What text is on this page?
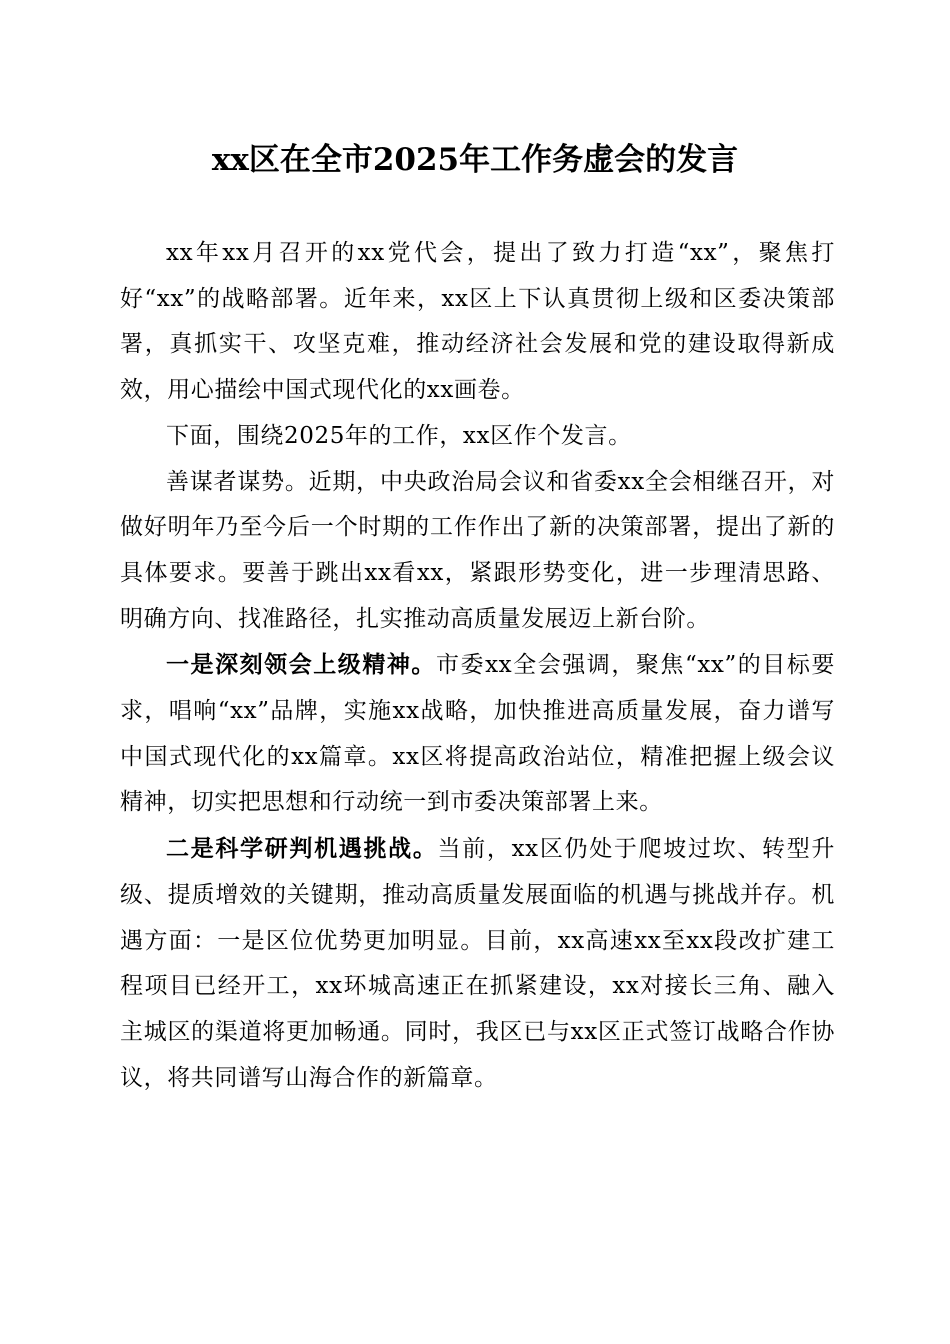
xx区在全市2025年工作务虚会的发言

xx年xx月召开的xx党代会，提出了致力打造“xx”，聚焦打好“xx”的战略部署。近年来，xx区上下认真贯彻上级和区委决策部署，真抓实干、攻坚克难，推动经济社会发展和党的建设取得新成效，用心描绘中国式现代化的xx画卷。

下面，围绕2025年的工作，xx区作个发言。

善谋者谋势。近期，中央政治局会议和省委xx全会相继召开，对做好明年乃至今后一个时期的工作作出了新的决策部署，提出了新的具体要求。要善于跳出xx看xx，紧跟形势变化，进一步理清思路、明确方向、找准路径，扎实推动高质量发展迈上新台阶。

一是深刻领会上级精神。市委xx全会强调，聚焦“xx”的目标要求，唱响“xx”品牌，实施xx战略，加快推进高质量发展，奋力谱写中国式现代化的xx篇章。xx区将提高政治站位，精准把握上级会议精神，切实把思想和行动统一到市委决策部署上来。

二是科学研判机遇挑战。当前，xx区仍处于爬坡过坎、转型升级、提质增效的关键期，推动高质量发展面临的机遇与挑战并存。机遇方面：一是区位优势更加明显。目前，xx高速xx至xx段改扩建工程项目已经开工，xx环城高速正在抓紧建设，xx对接长三角、融入主城区的渠道将更加畅通。同时，我区已与xx区正式签订战略合作协议，将共同谱写山海合作的新篇章。
